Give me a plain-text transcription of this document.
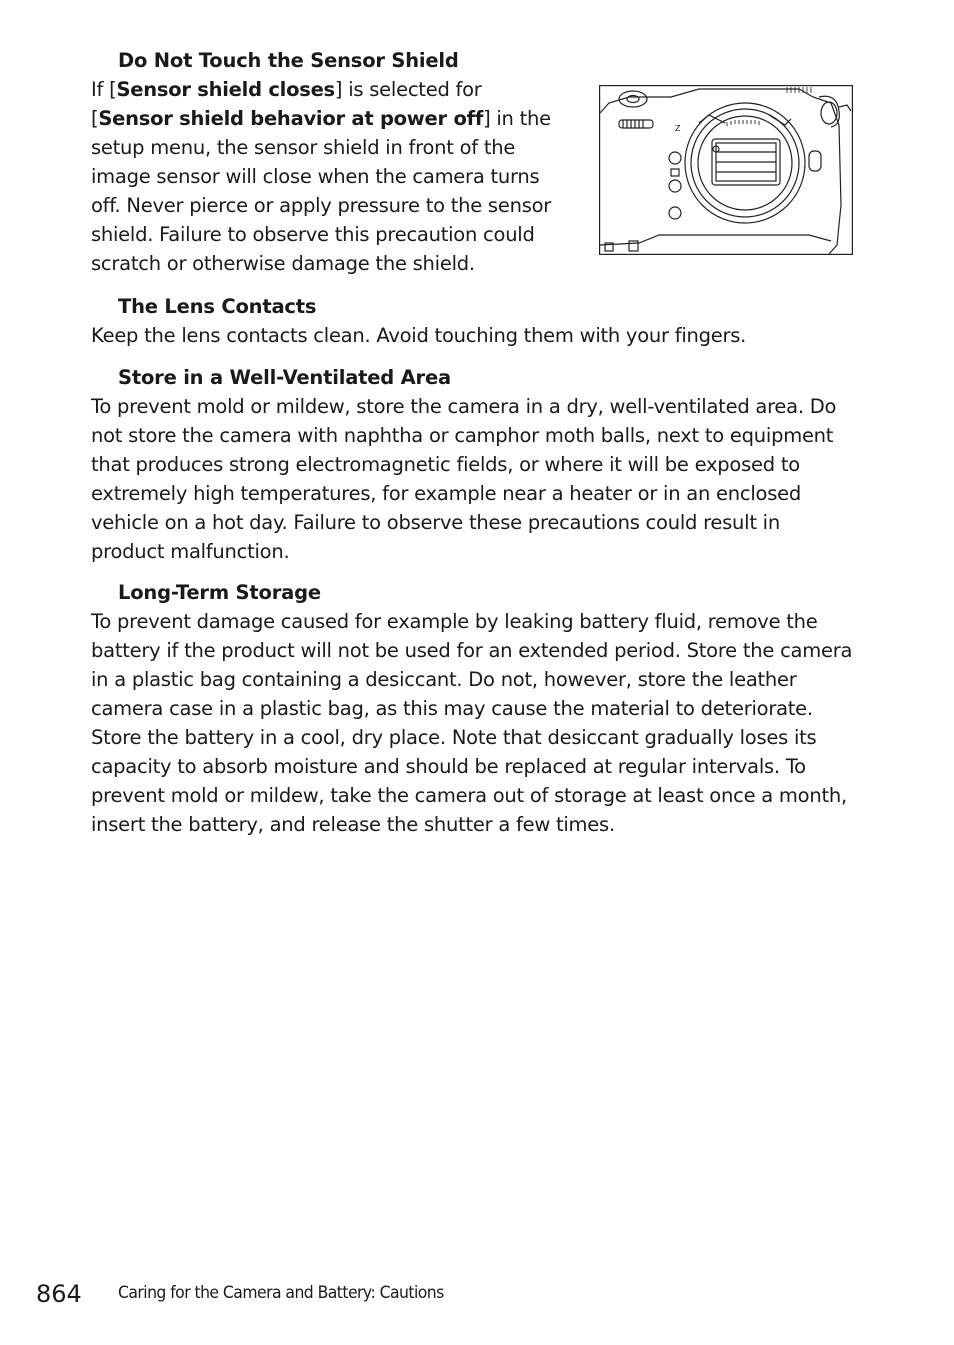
Do Not Touch the Sensor Shield

If [Sensor shield closes] is selected for [Sensor shield behavior at power off] in the setup menu, the sensor shield in front of the image sensor will close when the camera turns off. Never pierce or apply pressure to the sensor shield. Failure to observe this precaution could scratch or otherwise damage the shield.

Z

The Lens Contacts

Keep the lens contacts clean. Avoid touching them with your fingers.

Store in a Well-Ventilated Area

To prevent mold or mildew, store the camera in a dry, well-ventilated area. Do not store the camera with naphtha or camphor moth balls, next to equipment that produces strong electromagnetic fields, or where it will be exposed to extremely high temperatures, for example near a heater or in an enclosed vehicle on a hot day. Failure to observe these precautions could result in product malfunction.

Long-Term Storage

To prevent damage caused for example by leaking battery fluid, remove the battery if the product will not be used for an extended period. Store the camera in a plastic bag containing a desiccant. Do not, however, store the leather camera case in a plastic bag, as this may cause the material to deteriorate. Store the battery in a cool, dry place. Note that desiccant gradually loses its capacity to absorb moisture and should be replaced at regular intervals. To prevent mold or mildew, take the camera out of storage at least once a month, insert the battery, and release the shutter a few times.

864 Caring for the Camera and Battery: Cautions
